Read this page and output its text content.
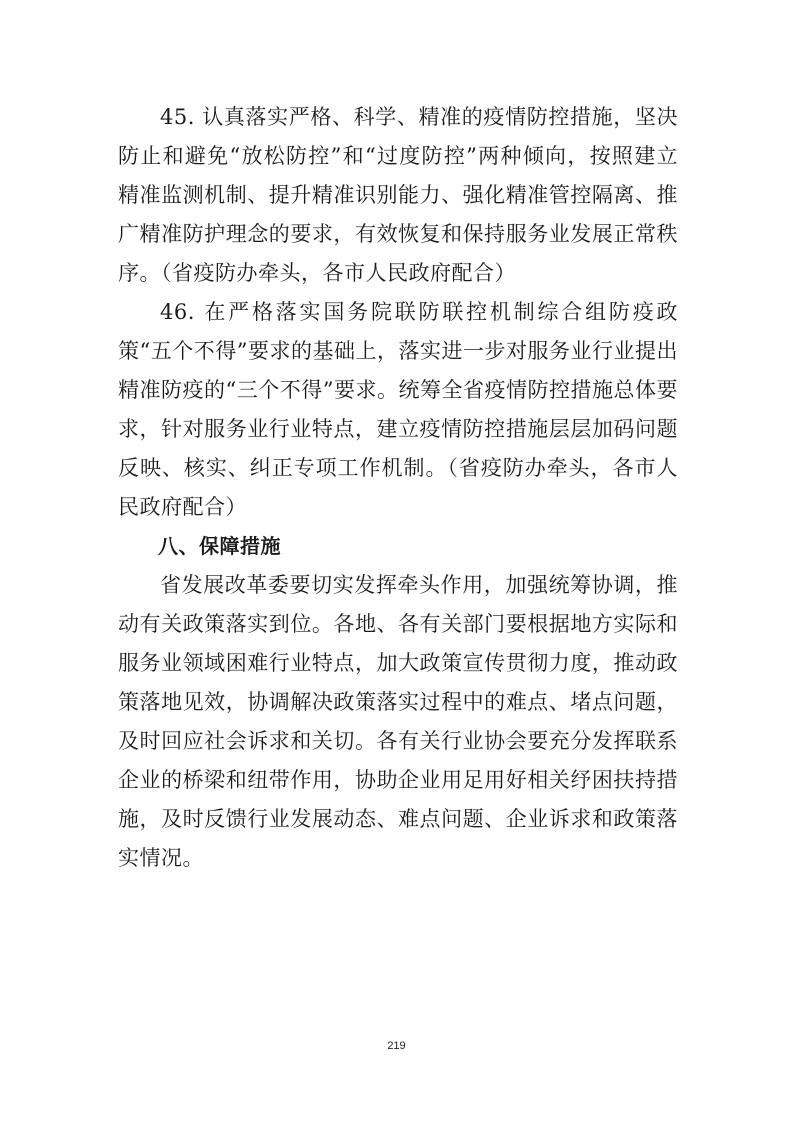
45. 认真落实严格、科学、精准的疫情防控措施，坚决防止和避免“放松防控”和“过度防控”两种倾向，按照建立精准监测机制、提升精准识别能力、强化精准管控隔离、推广精准防护理念的要求，有效恢复和保持服务业发展正常秩序。（省疫防办牵头，各市人民政府配合）

46. 在严格落实国务院联防联控机制综合组防疫政策“五个不得”要求的基础上，落实进一步对服务业行业提出精准防疫的“三个不得”要求。统筹全省疫情防控措施总体要求，针对服务业行业特点，建立疫情防控措施层层加码问题反映、核实、纠正专项工作机制。（省疫防办牵头，各市人民政府配合）

八、保障措施

省发展改革委要切实发挥牵头作用，加强统筹协调，推动有关政策落实到位。各地、各有关部门要根据地方实际和服务业领域困难行业特点，加大政策宣传贯彻力度，推动政策落地见效，协调解决政策落实过程中的难点、堵点问题，及时回应社会诉求和关切。各有关行业协会要充分发挥联系企业的桥梁和纽带作用，协助企业用足用好相关纾困扶持措施，及时反馈行业发展动态、难点问题、企业诉求和政策落实情况。

219
